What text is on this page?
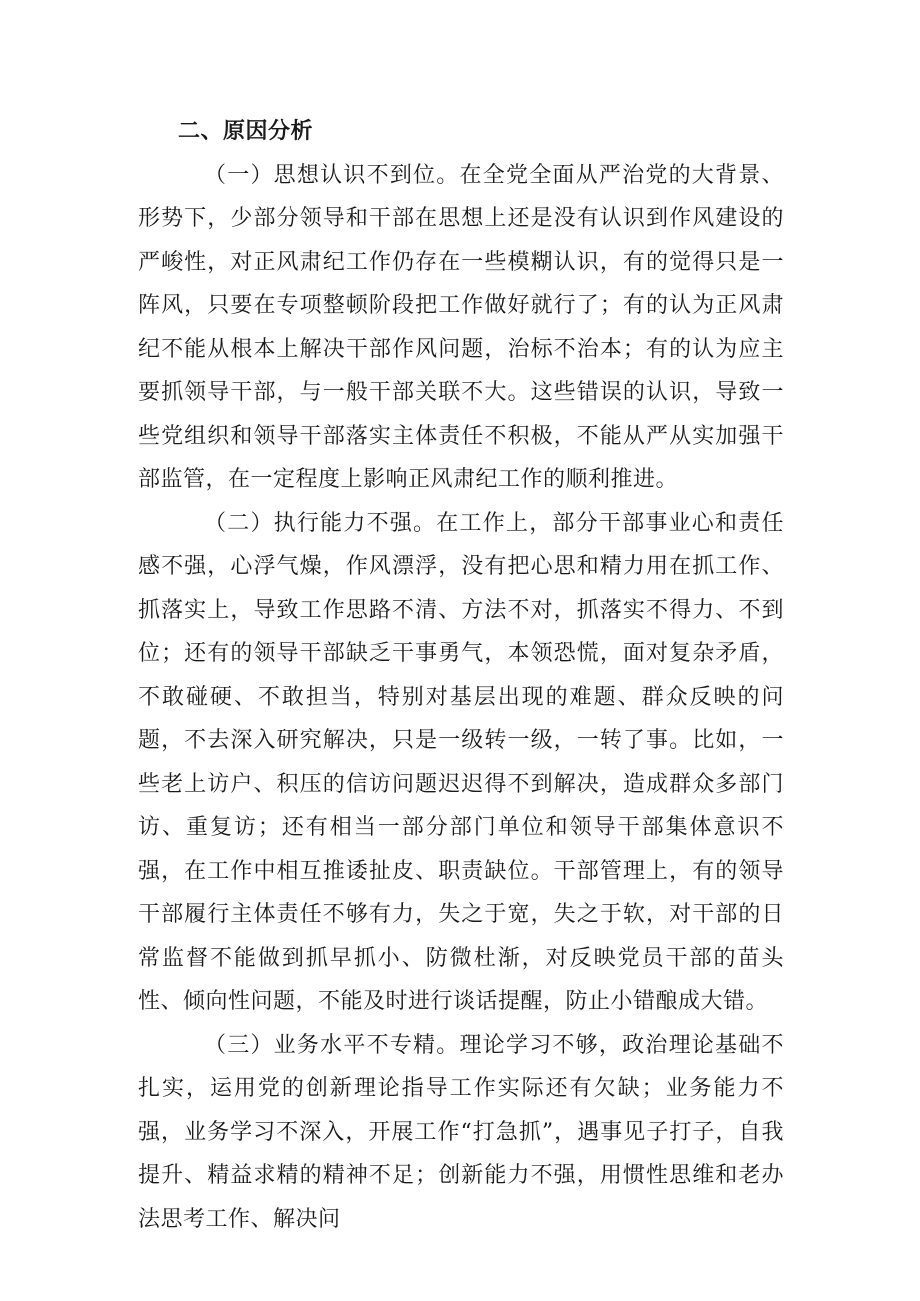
二、原因分析

（一）思想认识不到位。在全党全面从严治党的大背景、形势下，少部分领导和干部在思想上还是没有认识到作风建设的严峻性，对正风肃纪工作仍存在一些模糊认识，有的觉得只是一阵风，只要在专项整顿阶段把工作做好就行了；有的认为正风肃纪不能从根本上解决干部作风问题，治标不治本；有的认为应主要抓领导干部，与一般干部关联不大。这些错误的认识，导致一些党组织和领导干部落实主体责任不积极，不能从严从实加强干部监管，在一定程度上影响正风肃纪工作的顺利推进。

（二）执行能力不强。在工作上，部分干部事业心和责任感不强，心浮气燥，作风漂浮，没有把心思和精力用在抓工作、抓落实上，导致工作思路不清、方法不对，抓落实不得力、不到位；还有的领导干部缺乏干事勇气，本领恐慌，面对复杂矛盾，不敢碰硬、不敢担当，特别对基层出现的难题、群众反映的问题，不去深入研究解决，只是一级转一级，一转了事。比如，一些老上访户、积压的信访问题迟迟得不到解决，造成群众多部门访、重复访；还有相当一部分部门单位和领导干部集体意识不强，在工作中相互推诿扯皮、职责缺位。干部管理上，有的领导干部履行主体责任不够有力，失之于宽，失之于软，对干部的日常监督不能做到抓早抓小、防微杜渐，对反映党员干部的苗头性、倾向性问题，不能及时进行谈话提醒，防止小错酿成大错。

（三）业务水平不专精。理论学习不够，政治理论基础不扎实，运用党的创新理论指导工作实际还有欠缺；业务能力不强，业务学习不深入，开展工作“打急抓”，遇事见子打子，自我提升、精益求精的精神不足；创新能力不强，用惯性思维和老办法思考工作、解决问
